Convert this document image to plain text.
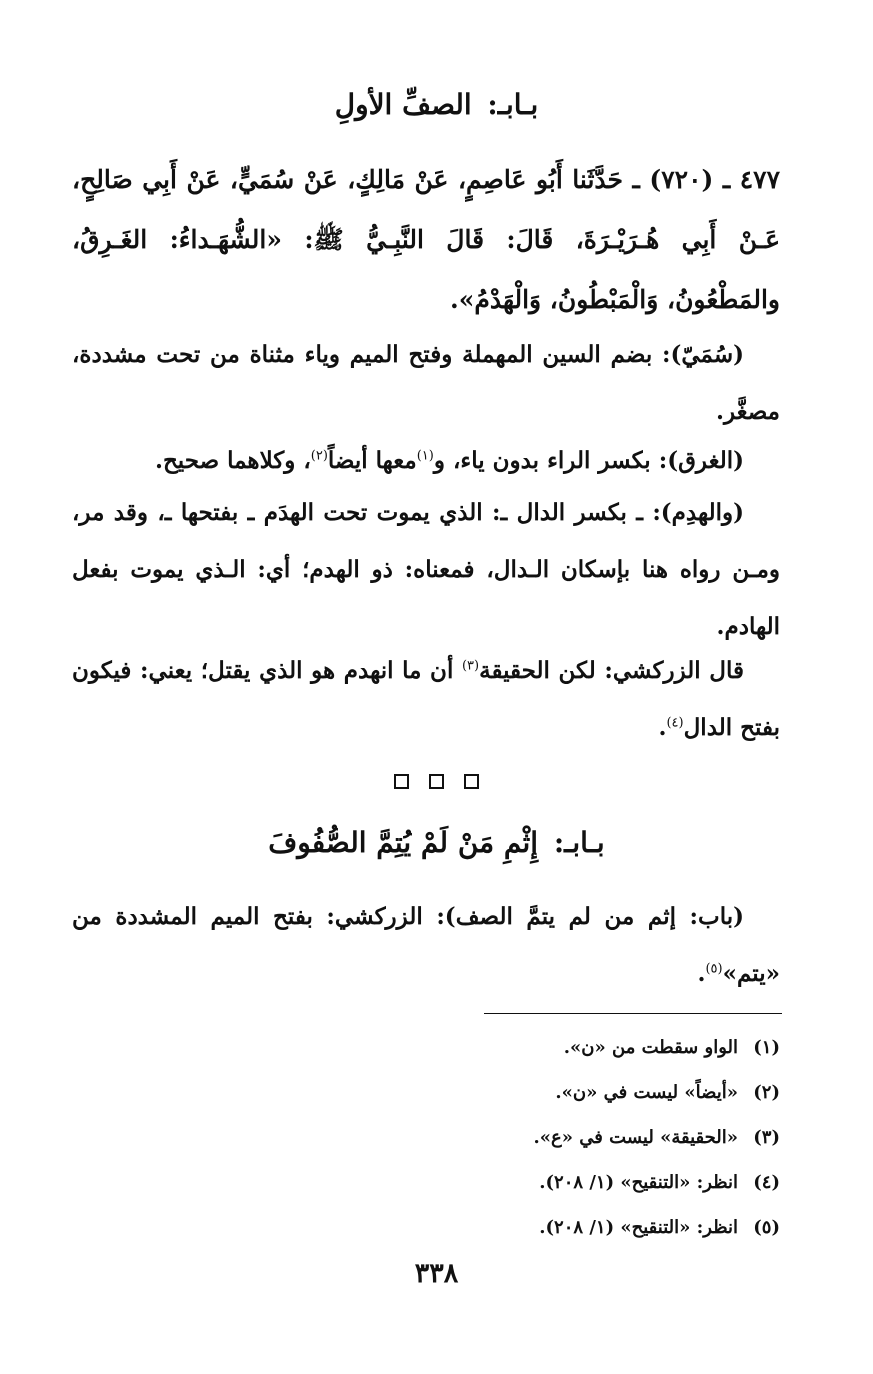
بـابـ: الصفِّ الأولِ
٤٧٧ ـ (٧٢٠) ـ حَدَّثَنا أَبُو عَاصِمٍ، عَنْ مَالِكٍ، عَنْ سُمَيٍّ، عَنْ أَبِي صَالِحٍ، عَـنْ أَبِي هُـرَيْـرَةَ، قَالَ: قَالَ النَّبِـيُّ ﷺ: «الشُّهَـداءُ: الغَـرِقُ، والمَطْعُونُ، وَالْمَبْطُونُ، وَالْهَدْمُ».
(سُمَيّ): بضم السين المهملة وفتح الميم وياء مثناة من تحت مشددة، مصغَّر.
(الغرق): بكسر الراء بدون ياء، و$^{(١)}$معها أيضاً$^{(٢)}$، وكلاهما صحيح.
(والهدِم): ـ بكسر الدال ـ: الذي يموت تحت الهدَم ـ بفتحها ـ، وقد مر، ومـن رواه هنا بإسكان الـدال، فمعناه: ذو الهدم؛ أي: الـذي يموت بفعل الهادم.
قال الزركشي: لكن الحقيقة$^{(٣)}$ أن ما انهدم هو الذي يقتل؛ يعني: فيكون بفتح الدال$^{(٤)}$.
بـابـ: إِثْمِ مَنْ لَمْ يُتِمَّ الصُّفُوفَ
(باب: إثم من لم يتمَّ الصف): الزركشي: بفتح الميم المشددة من «يتم»$^{(٥)}$.
(١)الواو سقطت من «ن».
(٢)«أيضاً» ليست في «ن».
(٣)«الحقيقة» ليست في «ع».
(٤)انظر: «التنقيح» (١/ ٢٠٨).
(٥)انظر: «التنقيح» (١/ ٢٠٨).
٣٣٨
